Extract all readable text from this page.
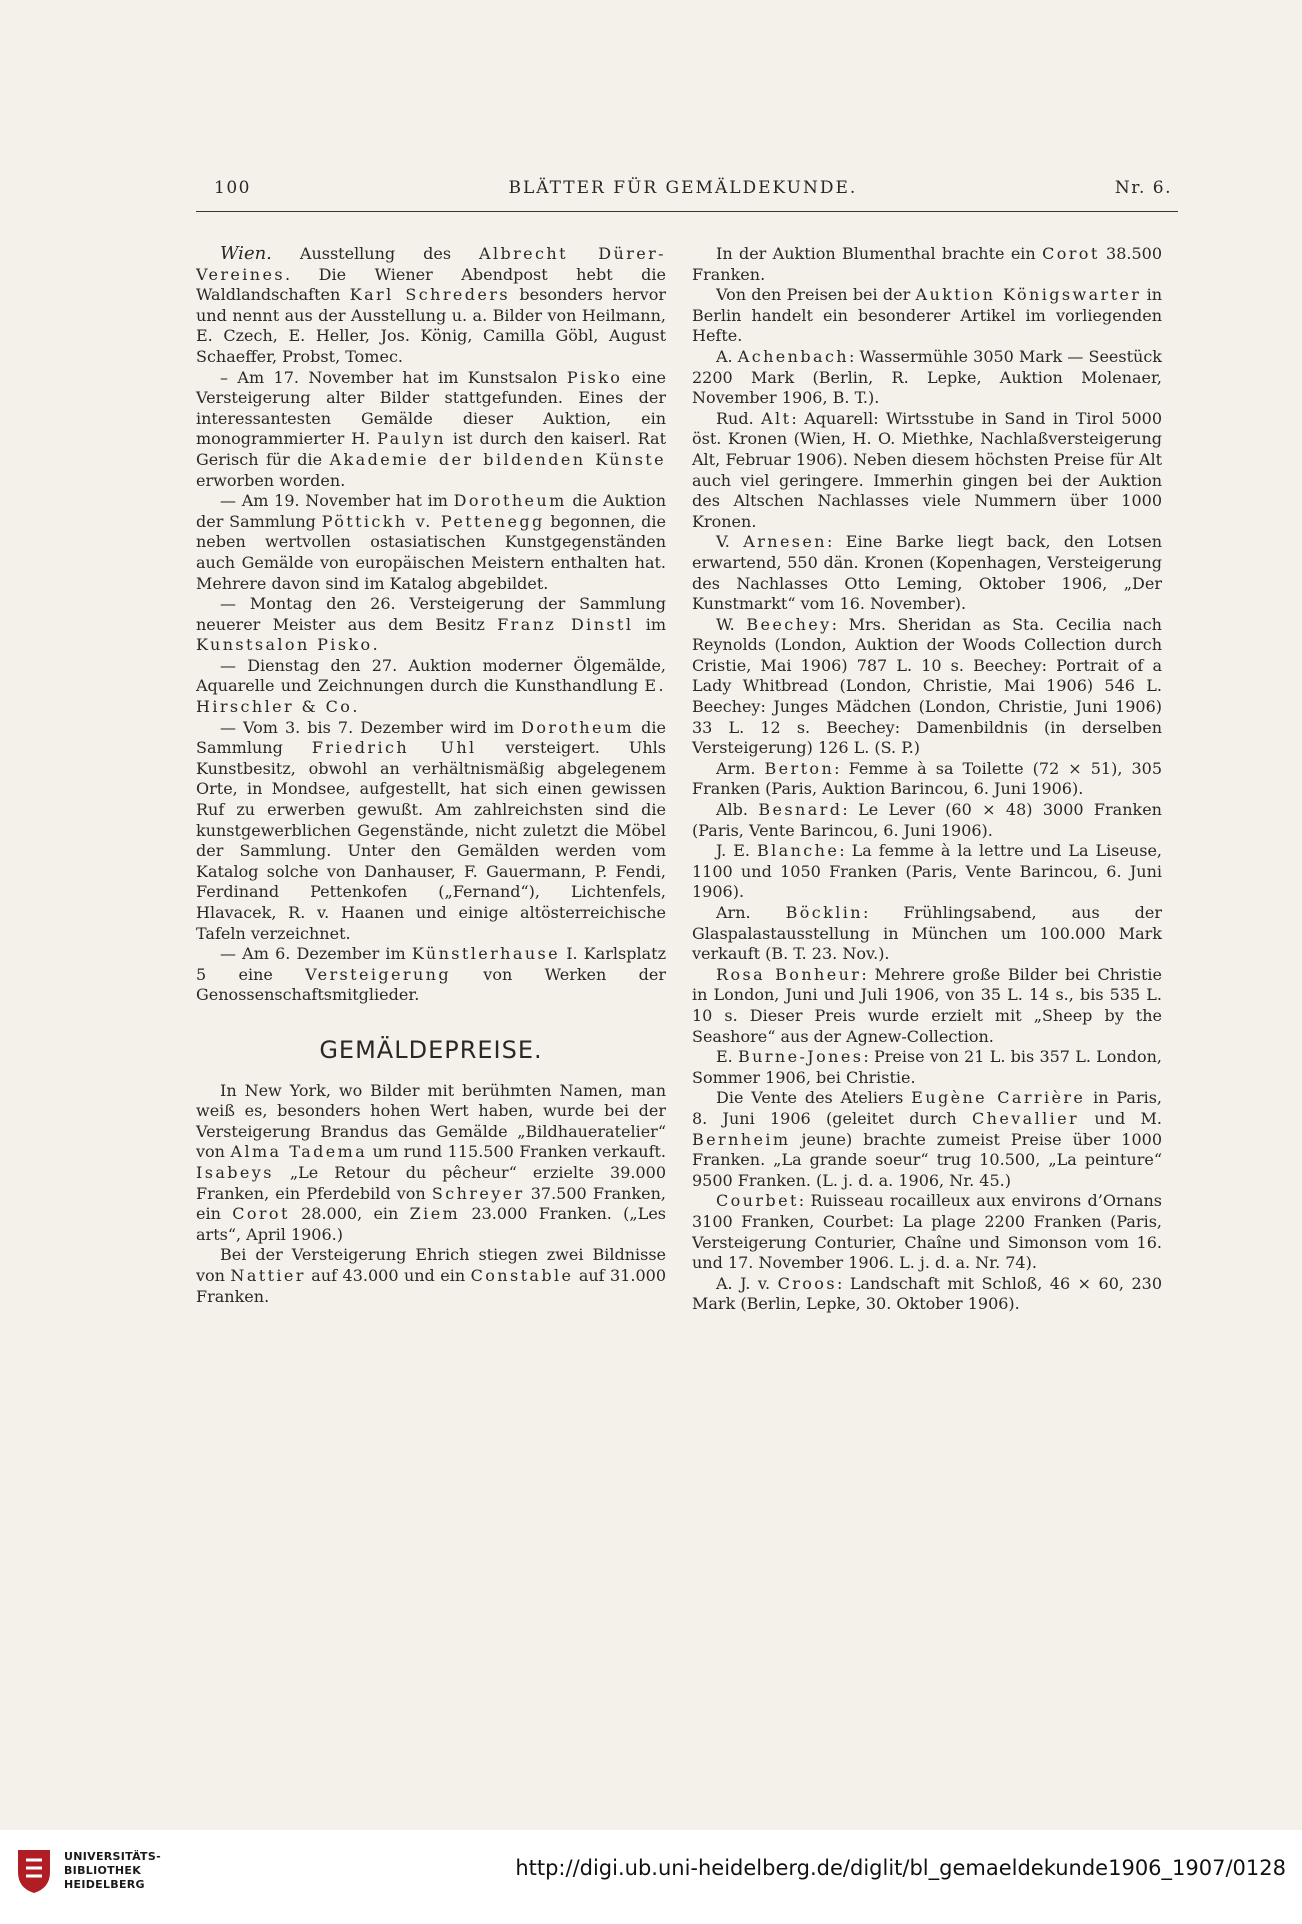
100	BLÄTTER FÜR GEMÄLDEKUNDE.	Nr. 6.

Wien. Ausstellung des Albrecht Dürer-Vereines. Die Wiener Abendpost hebt die Waldlandschaften Karl Schreders besonders hervor und nennt aus der Ausstellung u. a. Bilder von Heilmann, E. Czech, E. Heller, Jos. König, Camilla Göbl, August Schaeffer, Probst, Tomec.

– Am 17. November hat im Kunstsalon Pisko eine Versteigerung alter Bilder stattgefunden. Eines der interessantesten Gemälde dieser Auktion, ein monogrammierter H. Paulyn ist durch den kaiserl. Rat Gerisch für die Akademie der bildenden Künste erworben worden.

— Am 19. November hat im Dorotheum die Auktion der Sammlung Pöttickh v. Pettenegg begonnen, die neben wertvollen ostasiatischen Kunstgegenständen auch Gemälde von europäischen Meistern enthalten hat. Mehrere davon sind im Katalog abgebildet.

— Montag den 26. Versteigerung der Sammlung neuerer Meister aus dem Besitz Franz Dinstl im Kunstsalon Pisko.

— Dienstag den 27. Auktion moderner Ölgemälde, Aquarelle und Zeichnungen durch die Kunsthandlung E. Hirschler & Co.

— Vom 3. bis 7. Dezember wird im Dorotheum die Sammlung Friedrich Uhl versteigert. Uhls Kunstbesitz, obwohl an verhältnismäßig abgelegenem Orte, in Mondsee, aufgestellt, hat sich einen gewissen Ruf zu erwerben gewußt. Am zahlreichsten sind die kunstgewerblichen Gegenstände, nicht zuletzt die Möbel der Sammlung. Unter den Gemälden werden vom Katalog solche von Danhauser, F. Gauermann, P. Fendi, Ferdinand Pettenkofen („Fernand“), Lichtenfels, Hlavacek, R. v. Haanen und einige altösterreichische Tafeln verzeichnet.

— Am 6. Dezember im Künstlerhause I. Karlsplatz 5 eine Versteigerung von Werken der Genossenschaftsmitglieder.

GEMÄLDEPREISE.

In New York, wo Bilder mit berühmten Namen, man weiß es, besonders hohen Wert haben, wurde bei der Versteigerung Brandus das Gemälde „Bildhaueratelier“ von Alma Tadema um rund 115.500 Franken verkauft. Isabeys „Le Retour du pêcheur“ erzielte 39.000 Franken, ein Pferdebild von Schreyer 37.500 Franken, ein Corot 28.000, ein Ziem 23.000 Franken. („Les arts“, April 1906.)

Bei der Versteigerung Ehrich stiegen zwei Bildnisse von Nattier auf 43.000 und ein Constable auf 31.000 Franken.

In der Auktion Blumenthal brachte ein Corot 38.500 Franken.

Von den Preisen bei der Auktion Königswarter in Berlin handelt ein besonderer Artikel im vorliegenden Hefte.

A. Achenbach: Wassermühle 3050 Mark — Seestück 2200 Mark (Berlin, R. Lepke, Auktion Molenaer, November 1906, B. T.).

Rud. Alt: Aquarell: Wirtsstube in Sand in Tirol 5000 öst. Kronen (Wien, H. O. Miethke, Nachlaßversteigerung Alt, Februar 1906). Neben diesem höchsten Preise für Alt auch viel geringere. Immerhin gingen bei der Auktion des Altschen Nachlasses viele Nummern über 1000 Kronen.

V. Arnesen: Eine Barke liegt back, den Lotsen erwartend, 550 dän. Kronen (Kopenhagen, Versteigerung des Nachlasses Otto Leming, Oktober 1906, „Der Kunstmarkt“ vom 16. November).

W. Beechey: Mrs. Sheridan as Sta. Cecilia nach Reynolds (London, Auktion der Woods Collection durch Cristie, Mai 1906) 787 L. 10 s. Beechey: Portrait of a Lady Whitbread (London, Christie, Mai 1906) 546 L. Beechey: Junges Mädchen (London, Christie, Juni 1906) 33 L. 12 s. Beechey: Damenbildnis (in derselben Versteigerung) 126 L. (S. P.)

Arm. Berton: Femme à sa Toilette (72 × 51), 305 Franken (Paris, Auktion Barincou, 6. Juni 1906).

Alb. Besnard: Le Lever (60 × 48) 3000 Franken (Paris, Vente Barincou, 6. Juni 1906).

J. E. Blanche: La femme à la lettre und La Liseuse, 1100 und 1050 Franken (Paris, Vente Barincou, 6. Juni 1906).

Arn. Böcklin: Frühlingsabend, aus der Glaspalastausstellung in München um 100.000 Mark verkauft (B. T. 23. Nov.).

Rosa Bonheur: Mehrere große Bilder bei Christie in London, Juni und Juli 1906, von 35 L. 14 s., bis 535 L. 10 s. Dieser Preis wurde erzielt mit „Sheep by the Seashore“ aus der Agnew-Collection.

E. Burne-Jones: Preise von 21 L. bis 357 L. London, Sommer 1906, bei Christie.

Die Vente des Ateliers Eugène Carrière in Paris, 8. Juni 1906 (geleitet durch Chevallier und M. Bernheim jeune) brachte zumeist Preise über 1000 Franken. „La grande soeur“ trug 10.500, „La peinture“ 9500 Franken. (L. j. d. a. 1906, Nr. 45.)

Courbet: Ruisseau rocailleux aux environs d’Ornans 3100 Franken, Courbet: La plage 2200 Franken (Paris, Versteigerung Conturier, Chaîne und Simonson vom 16. und 17. November 1906. L. j. d. a. Nr. 74).

A. J. v. Croos: Landschaft mit Schloß, 46 × 60, 230 Mark (Berlin, Lepke, 30. Oktober 1906).

UNIVERSITÄTS-
BIBLIOTHEK
HEIDELBERG
http://digi.ub.uni-heidelberg.de/diglit/bl_gemaeldekunde1906_1907/0128
